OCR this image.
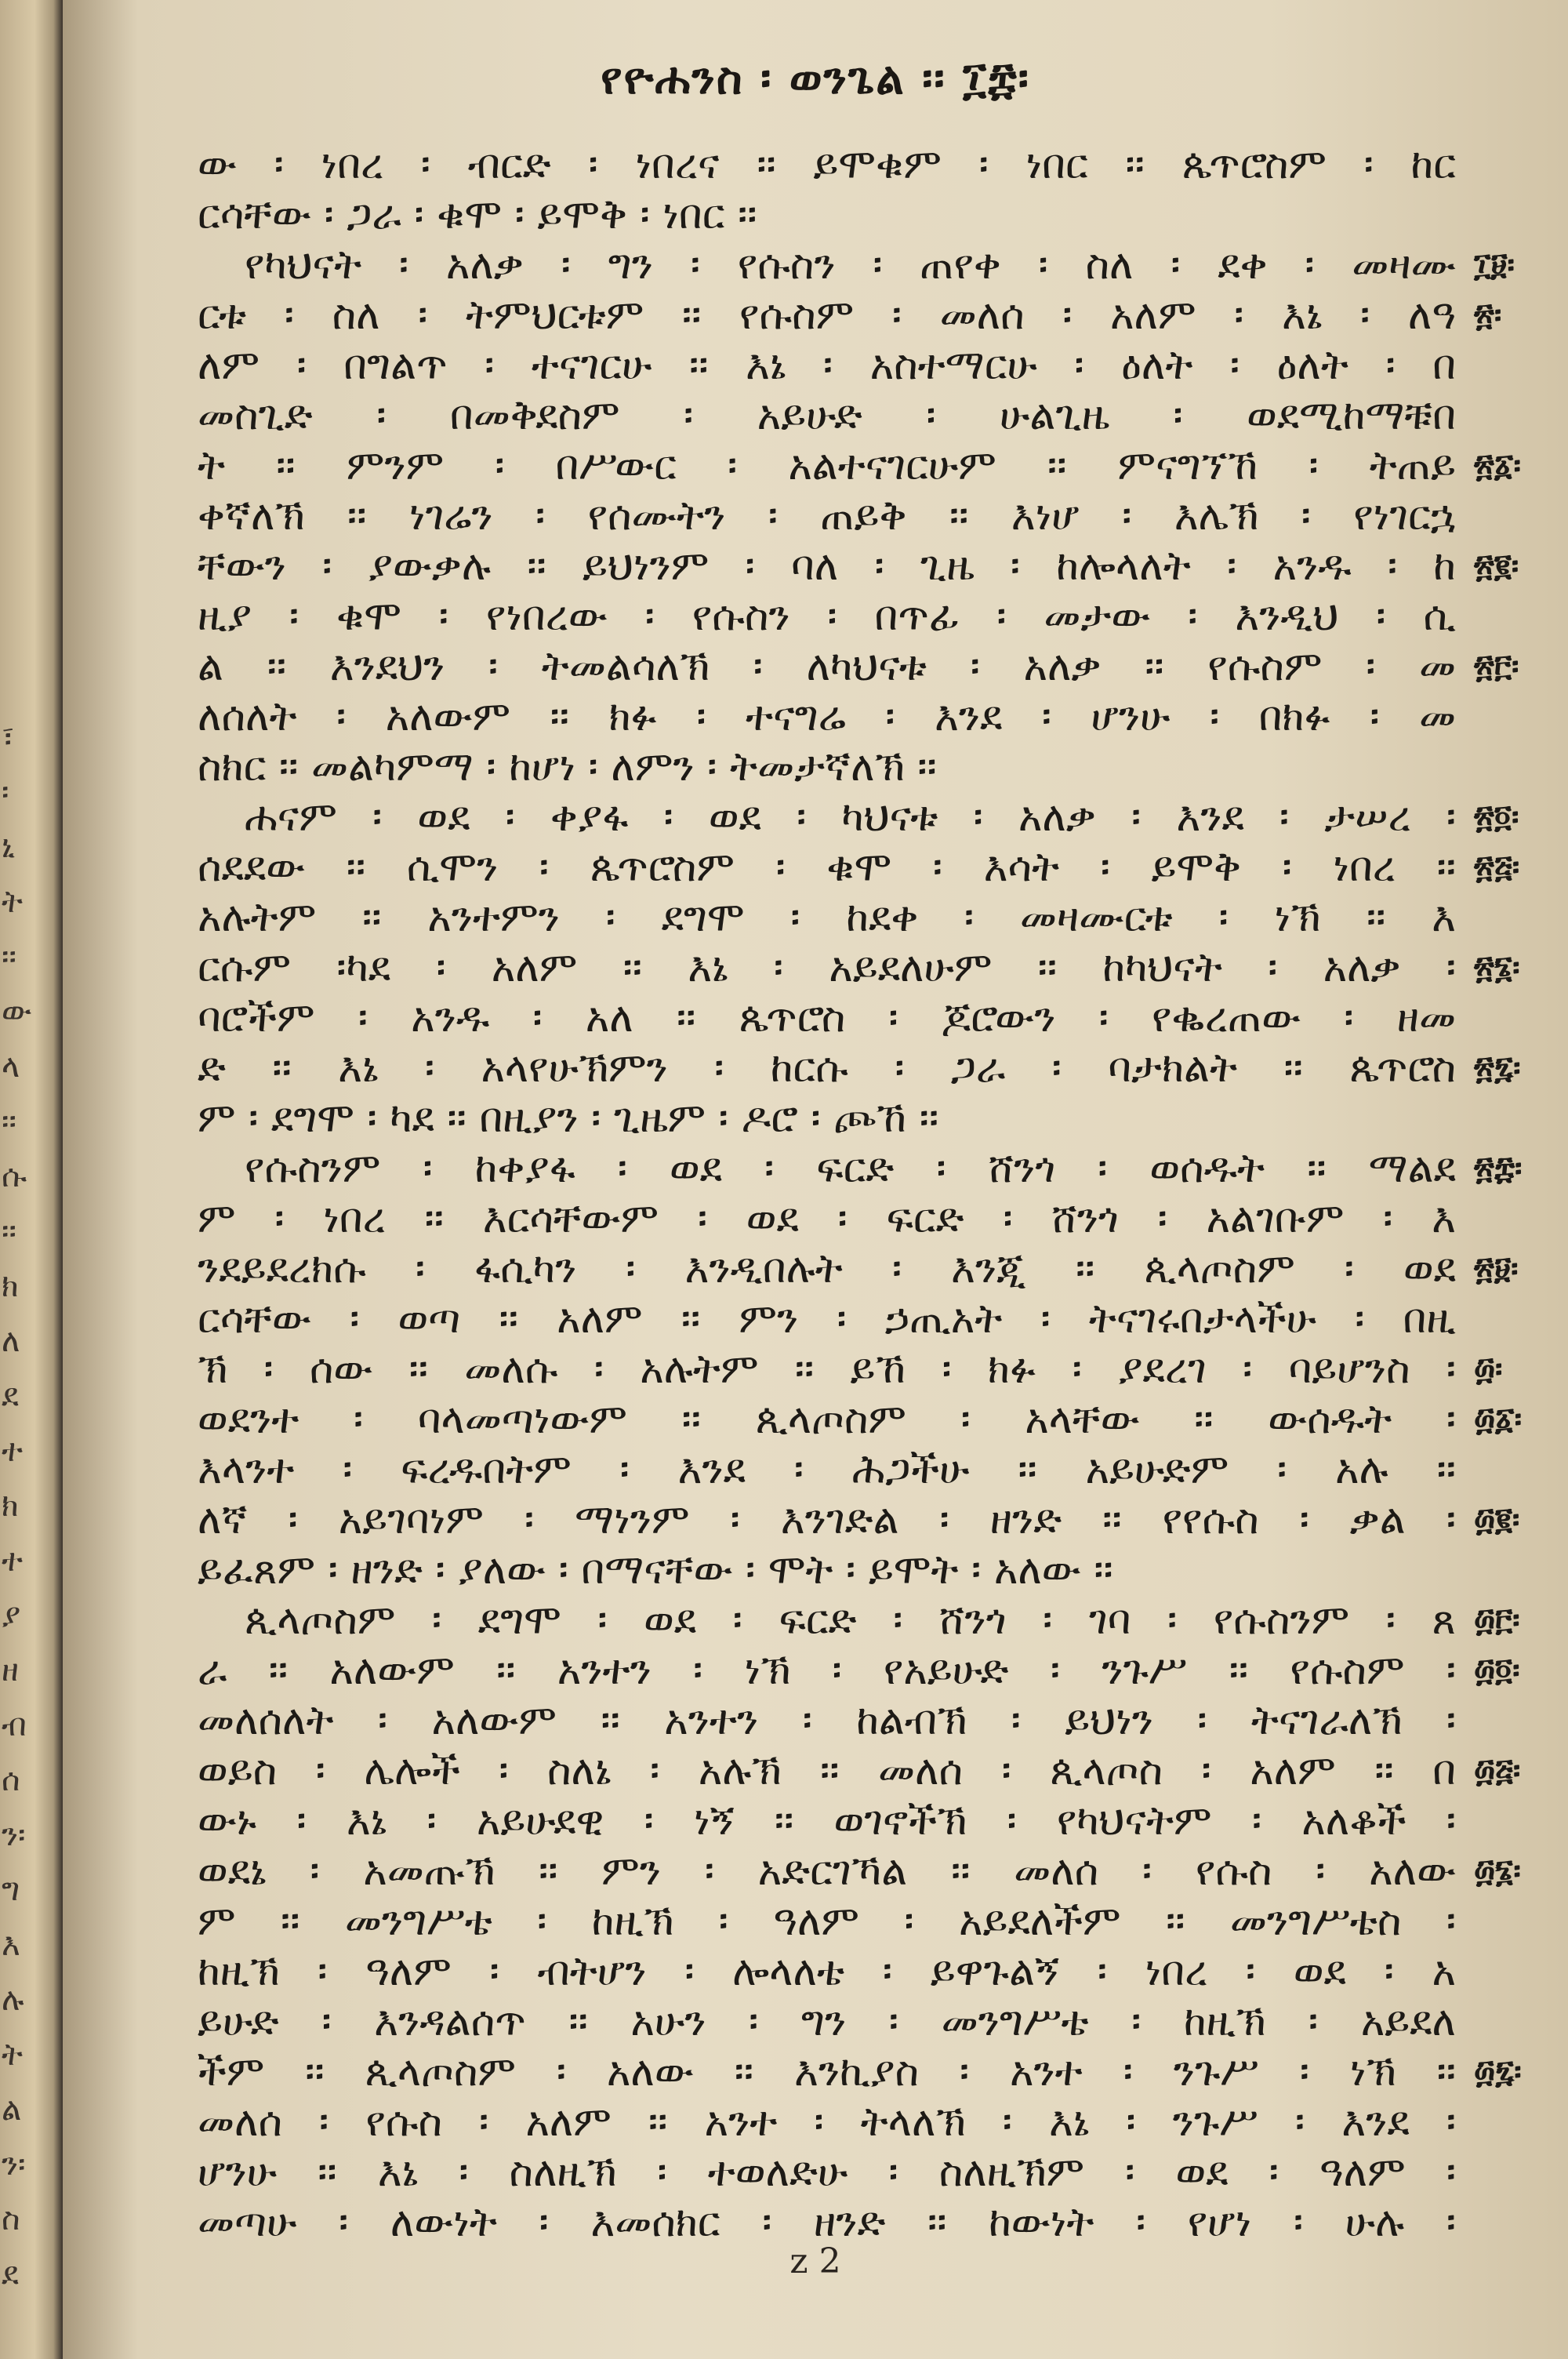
፣
፡
ኒ
ት
፡፡
ው
ላ
፡፡
ሱ
፡፡
ክ
ለ
ደ
ተ
ክ
ተ
ያ
ዘ
ብ
ሰ
ን፡
ግ
እ
ሉ
ት
ል
ን፡
ስ
ደ
የዮሐንስ ፡ ወንጌል ፡፡ ፲፰፡
ው ፡ ነበረ ፡ ብርድ ፡ ነበረና ፡፡ ይሞቁም ፡ ነበር ፡፡ ጴጥሮስም ፡ ከር
ርሳቸው ፡ ጋራ ፡ ቁሞ ፡ ይሞቅ ፡ ነበር ፡፡
የካህናት ፡ አለቃ ፡ ግን ፡ የሱስን ፡ ጠየቀ ፡ ስለ ፡ ደቀ ፡ መዛሙ ፲፱፡
ርቱ ፡ ስለ ፡ ትምህርቱም ፡፡ የሱስም ፡ መለሰ ፡ አለም ፡ እኔ ፡ ለዓ ፳፡
ለም ፡ በግልጥ ፡ ተናገርሁ ፡፡ እኔ ፡ አስተማርሁ ፡ ዕለት ፡ ዕለት ፡ በ
መስጊድ ፡ በመቅደስም ፡ አይሁድ ፡ ሁልጊዜ ፡ ወደሚከማቹበ
ት ፡፡ ምንም ፡ በሥውር ፡ አልተናገርሁም ፡፡ ምናግኘኸ ፡ ትጠይ ፳፩፡
ቀኛለኽ ፡፡ ነገሬን ፡ የሰሙትን ፡ ጠይቅ ፡፡ እነሆ ፡ እሌኽ ፡ የነገርኋ
ቸውን ፡ ያውቃሉ ፡፡ ይህነንም ፡ ባለ ፡ ጊዜ ፡ ከሎላለት ፡ አንዱ ፡ ከ ፳፪፡
ዚያ ፡ ቁሞ ፡ የነበረው ፡ የሱስን ፡ በጥፊ ፡ መታው ፡ እንዲህ ፡ ሲ
ል ፡፡ እንደህን ፡ ትመልሳለኽ ፡ ለካህናቱ ፡ አለቃ ፡፡ የሱስም ፡ መ ፳፫፡
ለሰለት ፡ አለውም ፡፡ ክፉ ፡ ተናግሬ ፡ እንደ ፡ ሆንሁ ፡ በክፉ ፡ መ
ስክር ፡፡ መልካምማ ፡ ከሆነ ፡ ለምን ፡ ትመታኛለኽ ፡፡
ሐናም ፡ ወደ ፡ ቀያፋ ፡ ወደ ፡ ካህናቱ ፡ አለቃ ፡ እንደ ፡ ታሠረ ፡ ፳፬፡
ሰደደው ፡፡ ሲሞን ፡ ጴጥሮስም ፡ ቁሞ ፡ እሳት ፡ ይሞቅ ፡ ነበረ ፡፡ ፳፭፡
አሉትም ፡፡ አንተምን ፡ ደግሞ ፡ ከደቀ ፡ መዛሙርቱ ፡ ነኽ ፡፡ እ
ርሱም ፡ካደ ፡ አለም ፡፡ እኔ ፡ አይደለሁም ፡፡ ከካህናት ፡ አለቃ ፡ ፳፮፡
ባሮችም ፡ አንዱ ፡ አለ ፡፡ ጴጥሮስ ፡ ጆሮውን ፡ የቈረጠው ፡ ዘመ
ድ ፡፡ እኔ ፡ አላየሁኽምን ፡ ከርሱ ፡ ጋራ ፡ ባታክልት ፡፡ ጴጥሮስ ፳፯፡
ም ፡ ደግሞ ፡ ካደ ፡፡ በዚያን ፡ ጊዜም ፡ ዶሮ ፡ ጮኸ ፡፡
የሱስንም ፡ ከቀያፋ ፡ ወደ ፡ ፍርድ ፡ ሸንጎ ፡ ወሰዱት ፡፡ ማልደ ፳፰፡
ም ፡ ነበረ ፡፡ እርሳቸውም ፡ ወደ ፡ ፍርድ ፡ ሸንጎ ፡ አልገቡም ፡ እ
ንደይደረክሱ ፡ ፋሲካን ፡ እንዲበሉት ፡ እንጂ ፡፡ ጲላጦስም ፡ ወደ ፳፱፡
ርሳቸው ፡ ወጣ ፡፡ አለም ፡፡ ምን ፡ ኃጢአት ፡ ትናገሩበታላችሁ ፡ በዚ
ኽ ፡ ሰው ፡፡ መለሱ ፡ አሉትም ፡፡ ይኸ ፡ ክፉ ፡ ያደረገ ፡ ባይሆንስ ፡ ፴፡
ወደንተ ፡ ባላመጣነውም ፡፡ ጲላጦስም ፡ አላቸው ፡፡ ውሰዱት ፡ ፴፩፡
እላንተ ፡ ፍረዱበትም ፡ እንደ ፡ ሕጋችሁ ፡፡ አይሁድም ፡ አሉ ፡፡
ለኛ ፡ አይገባነም ፡ ማነንም ፡ እንገድል ፡ ዘንድ ፡፡ የየሱስ ፡ ቃል ፡ ፴፪፡
ይፈጸም ፡ ዘንድ ፡ ያለው ፡ በማናቸው ፡ ሞት ፡ ይሞት ፡ አለው ፡፡
ጲላጦስም ፡ ደግሞ ፡ ወደ ፡ ፍርድ ፡ ሸንጎ ፡ ገባ ፡ የሱስንም ፡ ጸ ፴፫፡
ራ ፡፡ አለውም ፡፡ አንተን ፡ ነኽ ፡ የአይሁድ ፡ ንጉሥ ፡፡ የሱስም ፡ ፴፬፡
መለሰለት ፡ አለውም ፡፡ አንተን ፡ ከልብኽ ፡ ይህነን ፡ ትናገራለኽ ፡
ወይስ ፡ ሌሎች ፡ ስለኔ ፡ አሉኽ ፡፡ መለሰ ፡ ጲላጦስ ፡ አለም ፡፡ በ ፴፭፡
ውኑ ፡ እኔ ፡ አይሁደዊ ፡ ነኝ ፡፡ ወገኖችኽ ፡ የካህናትም ፡ አለቆች ፡
ወደኔ ፡ አመጡኽ ፡፡ ምን ፡ አድርገኻል ፡፡ መለሰ ፡ የሱስ ፡ አለው ፴፮፡
ም ፡፡ መንግሥቴ ፡ ከዚኽ ፡ ዓለም ፡ አይደለችም ፡፡ መንግሥቴስ ፡
ከዚኽ ፡ ዓለም ፡ ብትሆን ፡ ሎላለቴ ፡ ይዋጉልኝ ፡ ነበረ ፡ ወደ ፡ አ
ይሁድ ፡ እንዳልሰጥ ፡፡ አሁን ፡ ግን ፡ መንግሥቴ ፡ ከዚኽ ፡ አይደለ
ችም ፡፡ ጲላጦስም ፡ አለው ፡፡ እንኪያስ ፡ አንተ ፡ ንጉሥ ፡ ነኽ ፡፡ ፴፯፡
መለሰ ፡ የሱስ ፡ አለም ፡፡ አንተ ፡ ትላለኽ ፡ እኔ ፡ ንጉሥ ፡ እንደ ፡
ሆንሁ ፡፡ እኔ ፡ ስለዚኽ ፡ ተወለድሁ ፡ ስለዚኽም ፡ ወደ ፡ ዓለም ፡
መጣሁ ፡ ለውነት ፡ እመሰክር ፡ ዘንድ ፡፡ ከውነት ፡ የሆነ ፡ ሁሉ ፡
z 2
